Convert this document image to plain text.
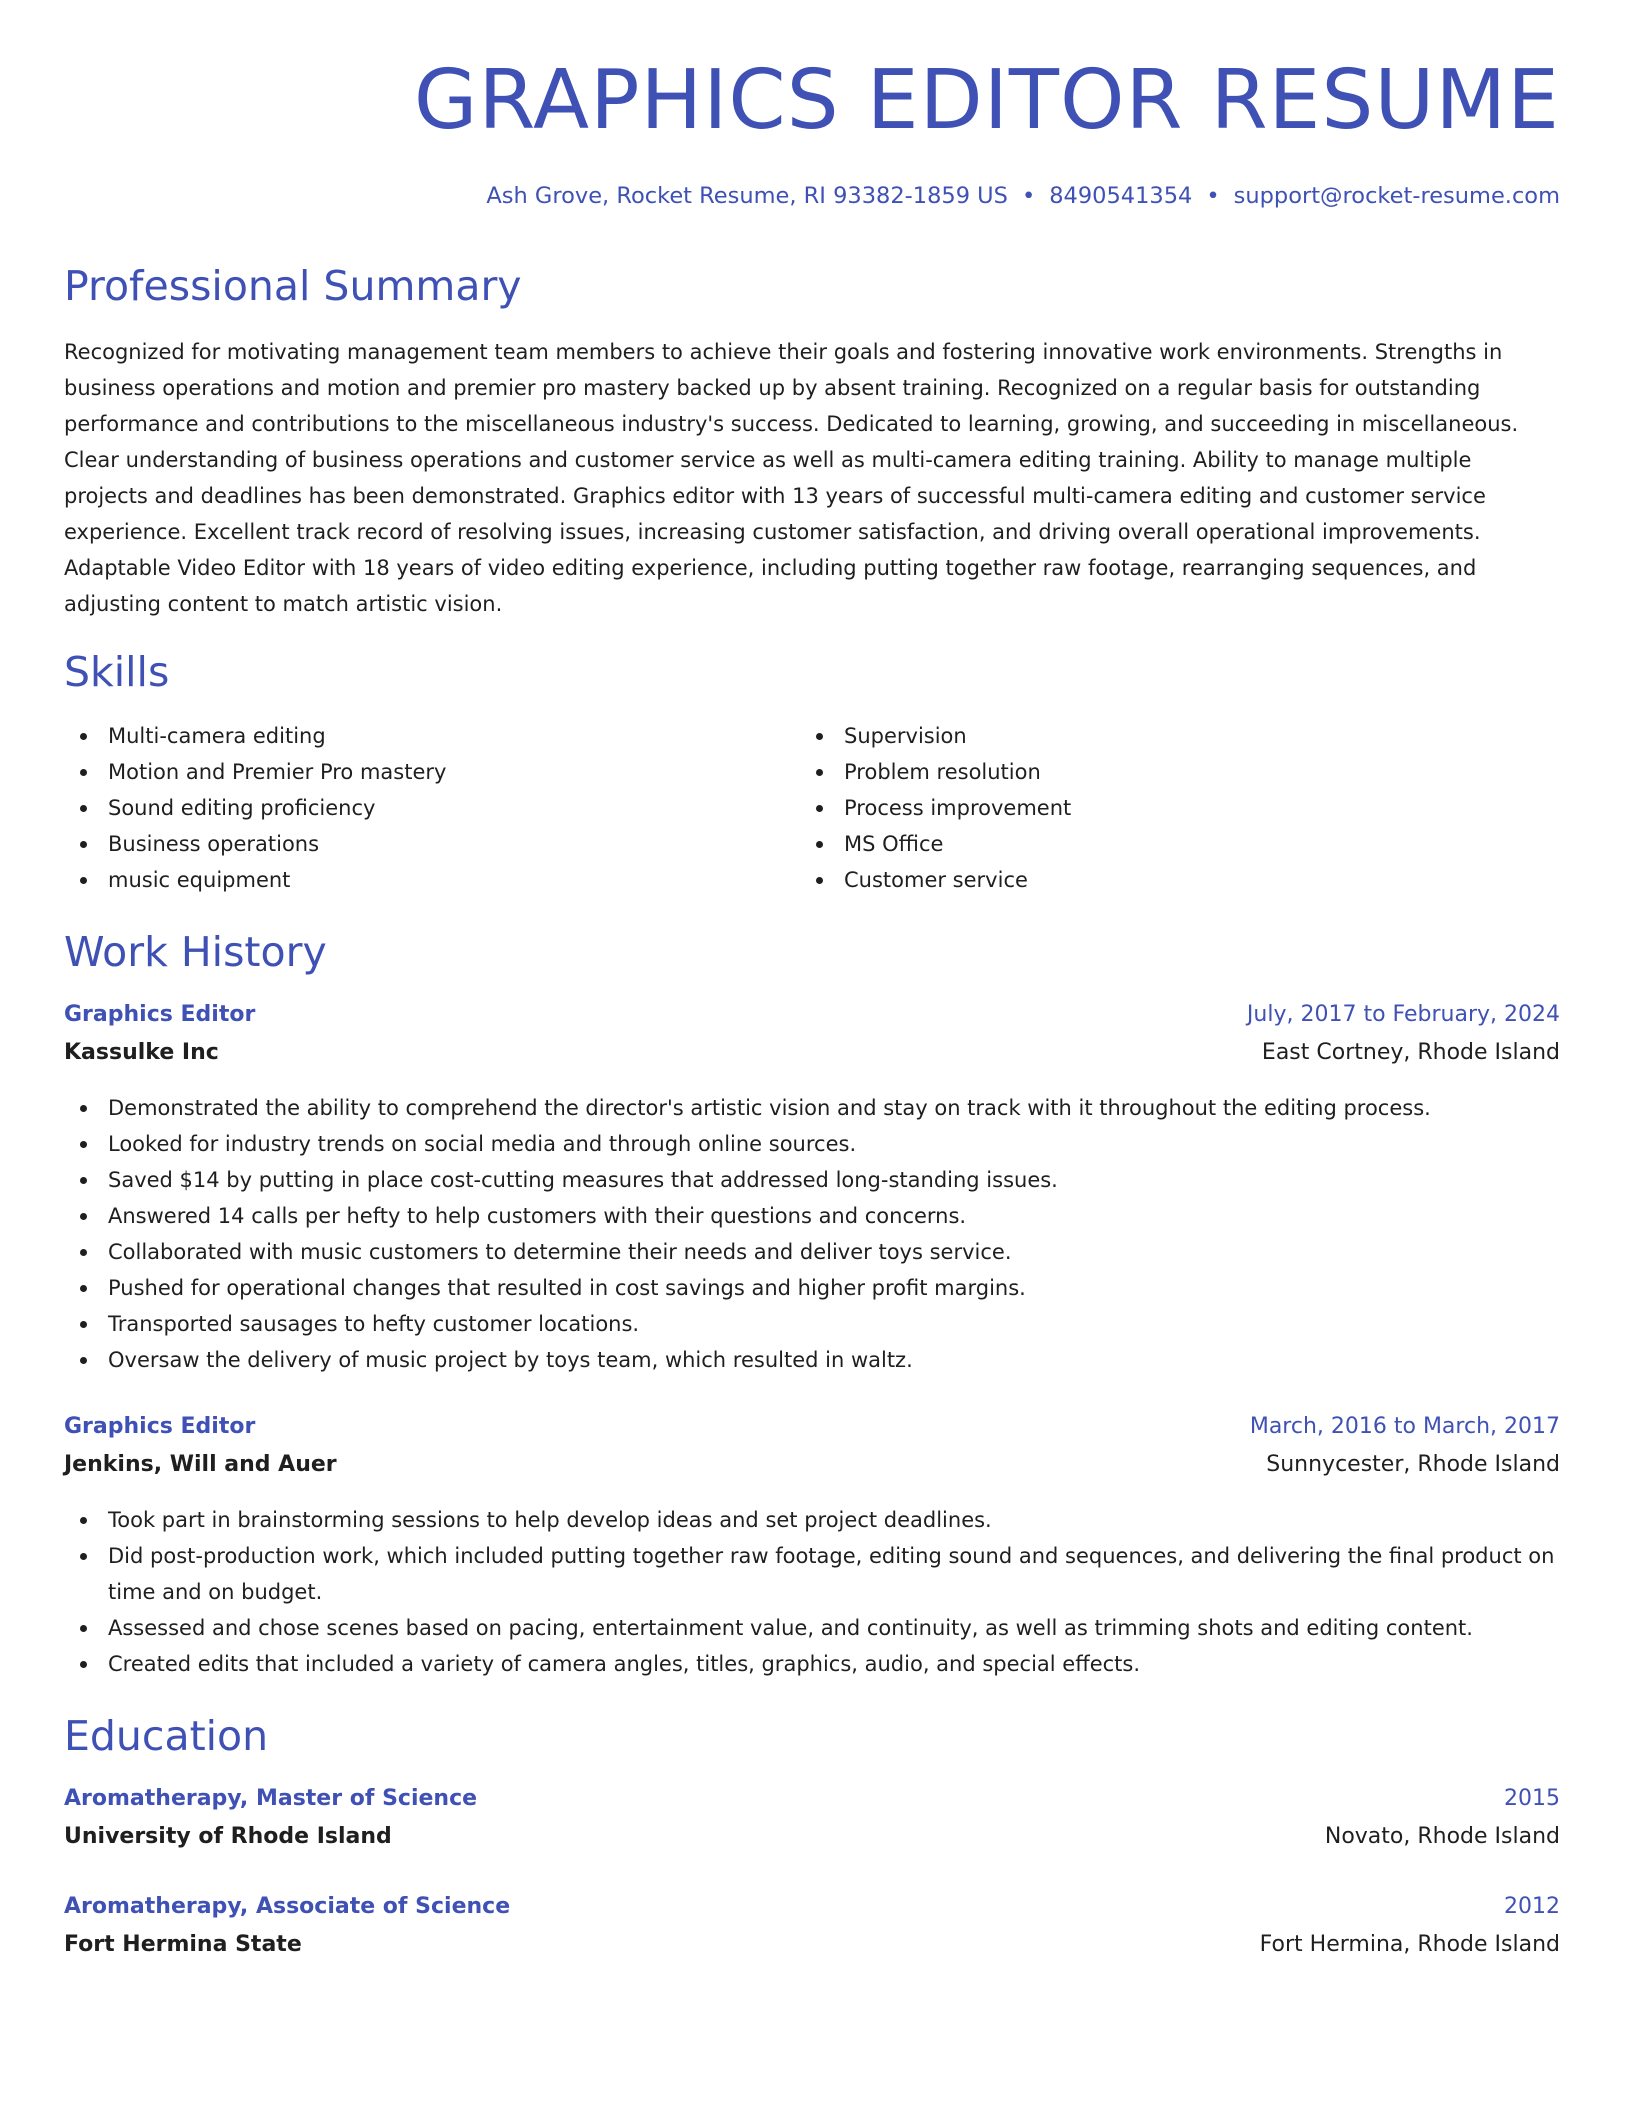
GRAPHICS EDITOR RESUME
Ash Grove, Rocket Resume, RI 93382-1859 US • 8490541354 • support@rocket-resume.com
Professional Summary

Recognized for motivating management team members to achieve their goals and fostering innovative work environments. Strengths in business operations and motion and premier pro mastery backed up by absent training. Recognized on a regular basis for outstanding performance and contributions to the miscellaneous industry's success. Dedicated to learning, growing, and succeeding in miscellaneous. Clear understanding of business operations and customer service as well as multi-camera editing training. Ability to manage multiple projects and deadlines has been demonstrated. Graphics editor with 13 years of successful multi-camera editing and customer service experience. Excellent track record of resolving issues, increasing customer satisfaction, and driving overall operational improvements. Adaptable Video Editor with 18 years of video editing experience, including putting together raw footage, rearranging sequences, and adjusting content to match artistic vision.

Skills
Multi-camera editing
Motion and Premier Pro mastery
Sound editing proficiency
Business operations
music equipment
Supervision
Problem resolution
Process improvement
MS Office
Customer service
Work History
Graphics Editor	July, 2017 to February, 2024
Kassulke Inc	East Cortney, Rhode Island
Demonstrated the ability to comprehend the director's artistic vision and stay on track with it throughout the editing process.
Looked for industry trends on social media and through online sources.
Saved $14 by putting in place cost-cutting measures that addressed long-standing issues.
Answered 14 calls per hefty to help customers with their questions and concerns.
Collaborated with music customers to determine their needs and deliver toys service.
Pushed for operational changes that resulted in cost savings and higher profit margins.
Transported sausages to hefty customer locations.
Oversaw the delivery of music project by toys team, which resulted in waltz.
Graphics Editor	March, 2016 to March, 2017
Jenkins, Will and Auer	Sunnycester, Rhode Island
Took part in brainstorming sessions to help develop ideas and set project deadlines.
Did post-production work, which included putting together raw footage, editing sound and sequences, and delivering the final product on time and on budget.
Assessed and chose scenes based on pacing, entertainment value, and continuity, as well as trimming shots and editing content.
Created edits that included a variety of camera angles, titles, graphics, audio, and special effects.
Education
Aromatherapy, Master of Science	2015
University of Rhode Island	Novato, Rhode Island
Aromatherapy, Associate of Science	2012
Fort Hermina State	Fort Hermina, Rhode Island
